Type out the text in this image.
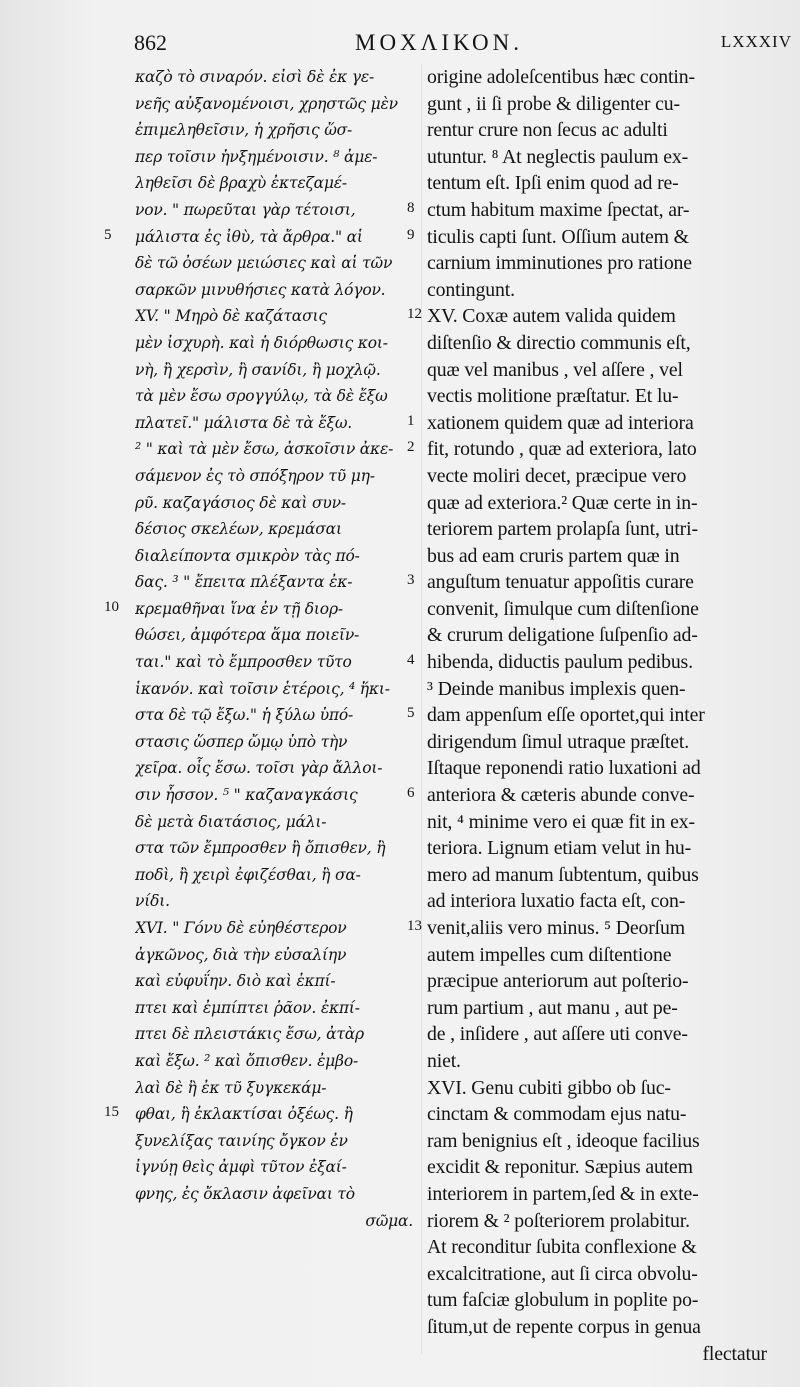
862	ΜΟΧΛΙΚΟΝ.	LXXXIV
καζὸ τὸ σιναρόν. εἰσὶ δὲ ἐκ γε-
νεῆς αὐξανομένοισι, χρηστῶς μὲν
ἐπιμεληθεῖσιν, ἡ χρῆσις ὥσ-
περ τοῖσιν ἡνξημένοισιν. ⁸ ἀμε-
ληθεῖσι δὲ βραχὺ ἐκτεζαμέ-
νον. " πωρεῦται γὰρ τέτοισι,
μάλιστα ἐς ἰθὺ, τὰ ἄρθρα." αἱ
δὲ τῶ ὀσέων μειώσιες καὶ αἱ τῶν
σαρκῶν μινυθήσιες κατὰ λόγον.
XV. " Μηρὸ δὲ καζάτασις
μὲν ἰσχυρὴ. καὶ ἡ διόρθωσις κοι-
νὴ, ἢ χερσὶν, ἢ σανίδι, ἢ μοχλῷ.
τὰ μὲν ἔσω σρογγύλῳ, τὰ δὲ ἔξω
πλατεῖ." μάλιστα δὲ τὰ ἔξω.
² " καὶ τὰ μὲν ἔσω, ἀσκοῖσιν ἀκε-
σάμενον ἐς τὸ σπόξηρον τῦ μη-
ρῦ. καζαγάσιος δὲ καὶ συν-
δέσιος σκελέων, κρεμάσαι
διαλείποντα σμικρὸν τὰς πό-
δας. ³ " ἔπειτα πλέξαντα ἐκ-
κρεμαθῆναι ἵνα ἐν τῇ διορ-
θώσει, ἀμφότερα ἅμα ποιεῖν-
ται." καὶ τὸ ἔμπροσθεν τῦτο
ἱκανόν. καὶ τοῖσιν ἑτέροις, ⁴ ἥκι-
στα δὲ τῷ ἔξω." ἡ ξύλω ὑπό-
στασις ὥσπερ ὤμῳ ὑπὸ τὴν
χεῖρα. οἷς ἔσω. τοῖσι γὰρ ἄλλοι-
σιν ἧσσον. ⁵ " καζαναγκάσις
δὲ μετὰ διατάσιος, μάλι-
στα τῶν ἔμπροσθεν ἢ ὄπισθεν, ἢ
ποδὶ, ἢ χειρὶ ἐφιζέσθαι, ἢ σα-
νίδι.
XVI. " Γόνυ δὲ εὐηθέστερον
ἀγκῶνος, διὰ τὴν εὐσαλίην
καὶ εὐφυΐην. διὸ καὶ ἐκπί-
πτει καὶ ἐμπίπτει ῥᾶον. ἐκπί-
πτει δὲ πλειστάκις ἔσω, ἀτὰρ
καὶ ἔξω. ² καὶ ὄπισθεν. ἐμβο-
λαὶ δὲ ἢ ἐκ τῦ ξυγκεκάμ-
φθαι, ἢ ἐκλακτίσαι ὀξέως. ἢ
ξυνελίξας ταινίης ὄγκον ἐν
ἰγνύῃ θεὶς ἀμφὶ τῦτον ἐξαί-
φνης, ἐς ὄκλασιν ἀφεῖναι τὸ
σῶμα.
5
10
15
8
9
12
1
2
3
4
5
6
13
origine adoleſcentibus hæc contin-
gunt , ii ſi probe & diligenter cu-
rentur crure non ſecus ac adulti
utuntur. ⁸ At neglectis paulum ex-
tentum eſt. Ipſi enim quod ad re-
ctum habitum maxime ſpectat, ar-
ticulis capti ſunt. Oſſium autem &
carnium imminutiones pro ratione
contingunt.
XV. Coxæ autem valida quidem
diſtenſio & directio communis eſt,
quæ vel manibus , vel aſſere , vel
vectis molitione præſtatur. Et lu-
xationem quidem quæ ad interiora
fit, rotundo , quæ ad exteriora, lato
vecte moliri decet, præcipue vero
quæ ad exteriora.² Quæ certe in in-
teriorem partem prolapſa ſunt, utri-
bus ad eam cruris partem quæ in
anguſtum tenuatur appoſitis curare
convenit, ſimulque cum diſtenſione
& crurum deligatione ſuſpenſio ad-
hibenda, diductis paulum pedibus.
³ Deinde manibus implexis quen-
dam appenſum eſſe oportet,qui inter
dirigendum ſimul utraque præſtet.
Iſtaque reponendi ratio luxationi ad
anteriora & cæteris abunde conve-
nit, ⁴ minime vero ei quæ fit in ex-
teriora. Lignum etiam velut in hu-
mero ad manum ſubtentum, quibus
ad interiora luxatio facta eſt, con-
venit,aliis vero minus. ⁵ Deorſum
autem impelles cum diſtentione
præcipue anteriorum aut poſterio-
rum partium , aut manu , aut pe-
de , inſidere , aut aſſere uti conve-
niet.
XVI. Genu cubiti gibbo ob ſuc-
cinctam & commodam ejus natu-
ram benignius eſt , ideoque facilius
excidit & reponitur. Sæpius autem
interiorem in partem,ſed & in exte-
riorem & ² poſteriorem prolabitur.
At reconditur ſubita conflexione &
excalcitratione, aut ſi circa obvolu-
tum faſciæ globulum in poplite po-
ſitum,ut de repente corpus in genua
flectatur
